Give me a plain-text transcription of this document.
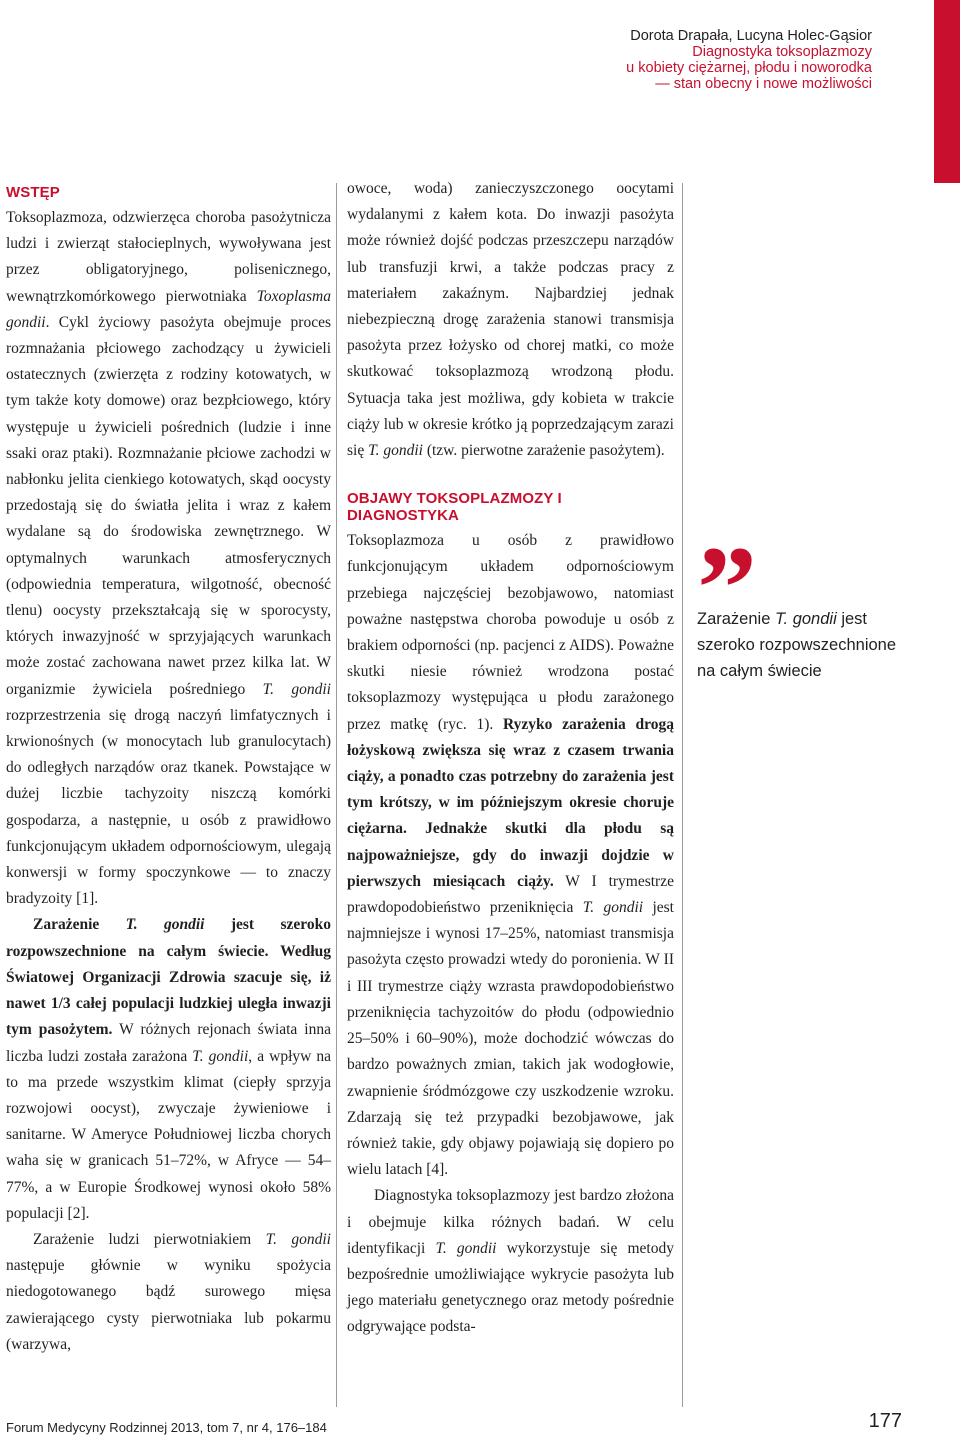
Dorota Drapała, Lucyna Holec-Gąsior
Diagnostyka toksoplazmozy
u kobiety ciężarnej, płodu i noworodka
— stan obecny i nowe możliwości
WSTĘP

Toksoplazmoza, odzwierzęca choroba pasożytnicza ludzi i zwierząt stałocieplnych, wywoływana jest przez obligatoryjnego, polisenicznego, wewnątrzkomórkowego pierwotniaka Toxoplasma gondii. Cykl życiowy pasożyta obejmuje proces rozmnażania płciowego zachodzący u żywicieli ostatecznych (zwierzęta z rodziny kotowatych, w tym także koty domowe) oraz bezpłciowego, który występuje u żywicieli pośrednich (ludzie i inne ssaki oraz ptaki). Rozmnażanie płciowe zachodzi w nabłonku jelita cienkiego kotowatych, skąd oocysty przedostają się do światła jelita i wraz z kałem wydalane są do środowiska zewnętrznego. W optymalnych warunkach atmosferycznych (odpowiednia temperatura, wilgotność, obecność tlenu) oocysty przekształcają się w sporocysty, których inwazyjność w sprzyjających warunkach może zostać zachowana nawet przez kilka lat. W organizmie żywiciela pośredniego T. gondii rozprzestrzenia się drogą naczyń limfatycznych i krwionośnych (w monocytach lub granulocytach) do odległych narządów oraz tkanek. Powstające w dużej liczbie tachyzoity niszczą komórki gospodarza, a następnie, u osób z prawidłowo funkcjonującym układem odpornościowym, ulegają konwersji w formy spoczynkowe — to znaczy bradyzoity [1].

Zarażenie T. gondii jest szeroko rozpowszechnione na całym świecie. Według Światowej Organizacji Zdrowia szacuje się, iż nawet 1/3 całej populacji ludzkiej uległa inwazji tym pasożytem. W różnych rejonach świata inna liczba ludzi została zarażona T. gondii, a wpływ na to ma przede wszystkim klimat (ciepły sprzyja rozwojowi oocyst), zwyczaje żywieniowe i sanitarne. W Ameryce Południowej liczba chorych waha się w granicach 51–72%, w Afryce — 54–77%, a w Europie Środkowej wynosi około 58% populacji [2].

Zarażenie ludzi pierwotniakiem T. gondii następuje głównie w wyniku spożycia niedogotowanego bądź surowego mięsa zawierającego cysty pierwotniaka lub pokarmu (warzywa,

owoce, woda) zanieczyszczonego oocytami wydalanymi z kałem kota. Do inwazji pasożyta może również dojść podczas przeszczepu narządów lub transfuzji krwi, a także podczas pracy z materiałem zakaźnym. Najbardziej jednak niebezpieczną drogę zarażenia stanowi transmisja pasożyta przez łożysko od chorej matki, co może skutkować toksoplazmozą wrodzoną płodu. Sytuacja taka jest możliwa, gdy kobieta w trakcie ciąży lub w okresie krótko ją poprzedzającym zarazi się T. gondii (tzw. pierwotne zarażenie pasożytem).

OBJAWY TOKSOPLAZMOZY I DIAGNOSTYKA

Toksoplazmoza u osób z prawidłowo funkcjonującym układem odpornościowym przebiega najczęściej bezobjawowo, natomiast poważne następstwa choroba powoduje u osób z brakiem odporności (np. pacjenci z AIDS). Poważne skutki niesie również wrodzona postać toksoplazmozy występująca u płodu zarażonego przez matkę (ryc. 1). Ryzyko zarażenia drogą łożyskową zwiększa się wraz z czasem trwania ciąży, a ponadto czas potrzebny do zarażenia jest tym krótszy, w im późniejszym okresie choruje ciężarna. Jednakże skutki dla płodu są najpoważniejsze, gdy do inwazji dojdzie w pierwszych miesiącach ciąży. W I trymestrze prawdopodobieństwo przeniknięcia T. gondii jest najmniejsze i wynosi 17–25%, natomiast transmisja pasożyta często prowadzi wtedy do poronienia. W II i III trymestrze ciąży wzrasta prawdopodobieństwo przeniknięcia tachyzoitów do płodu (odpowiednio 25–50% i 60–90%), może dochodzić wówczas do bardzo poważnych zmian, takich jak wodogłowie, zwapnienie śródmózgowe czy uszkodzenie wzroku. Zdarzają się też przypadki bezobjawowe, jak również takie, gdy objawy pojawiają się dopiero po wielu latach [4].

Diagnostyka toksoplazmozy jest bardzo złożona i obejmuje kilka różnych badań. W celu identyfikacji T. gondii wykorzystuje się metody bezpośrednie umożliwiające wykrycie pasożyta lub jego materiału genetycznego oraz metody pośrednie odgrywające podsta-

Zarażenie T. gondii jest szeroko rozpowszechnione na całym świecie
Forum Medycyny Rodzinnej 2013, tom 7, nr 4, 176–184	177
